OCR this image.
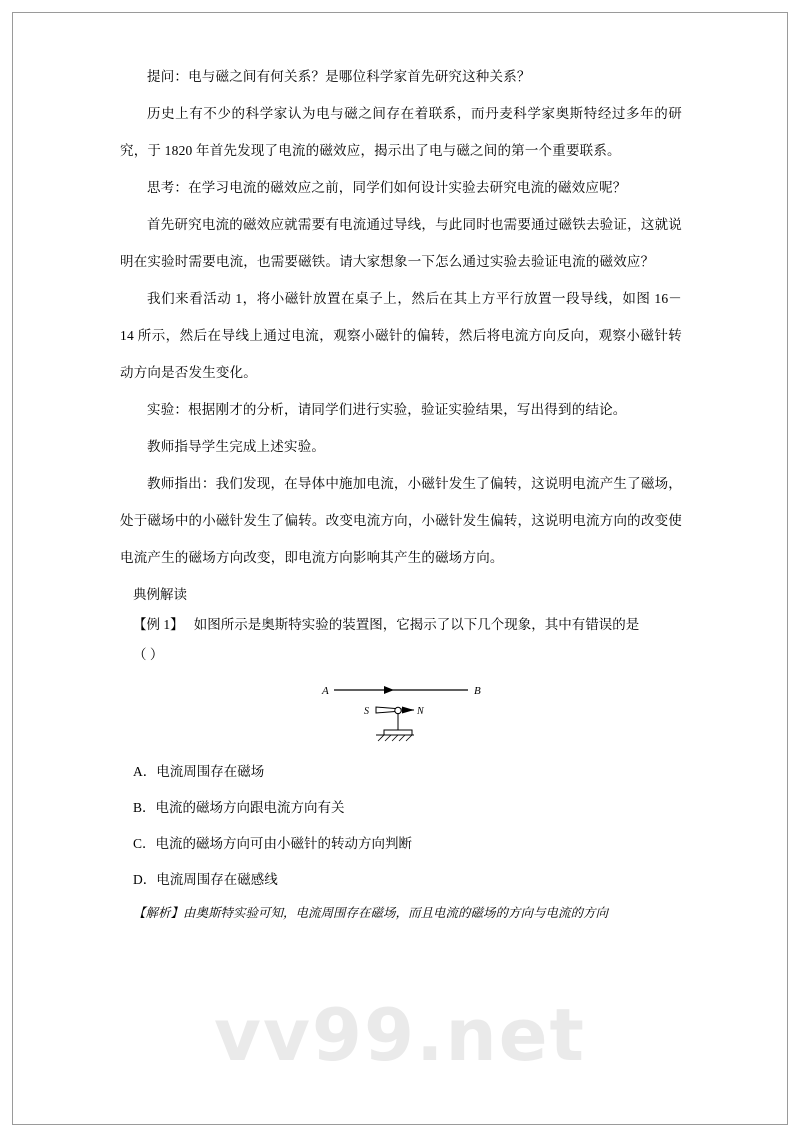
提问：电与磁之间有何关系？是哪位科学家首先研究这种关系？

历史上有不少的科学家认为电与磁之间存在着联系，而丹麦科学家奥斯特经过多年的研究，于 1820 年首先发现了电流的磁效应，揭示出了电与磁之间的第一个重要联系。

思考：在学习电流的磁效应之前，同学们如何设计实验去研究电流的磁效应呢？

首先研究电流的磁效应就需要有电流通过导线，与此同时也需要通过磁铁去验证，这就说明在实验时需要电流，也需要磁铁。请大家想象一下怎么通过实验去验证电流的磁效应？

我们来看活动 1，将小磁针放置在桌子上，然后在其上方平行放置一段导线，如图 16－14 所示，然后在导线上通过电流，观察小磁针的偏转，然后将电流方向反向，观察小磁针转动方向是否发生变化。

实验：根据刚才的分析，请同学们进行实验，验证实验结果，写出得到的结论。

教师指导学生完成上述实验。

教师指出：我们发现，在导体中施加电流，小磁针发生了偏转，这说明电流产生了磁场，处于磁场中的小磁针发生了偏转。改变电流方向，小磁针发生偏转，这说明电流方向的改变使电流产生的磁场方向改变，即电流方向影响其产生的磁场方向。

典例解读

【例 1】 如图所示是奥斯特实验的装置图，它揭示了以下几个现象，其中有错误的是

（ ）

A	B
S	N

A．电流周围存在磁场

B．电流的磁场方向跟电流方向有关

C．电流的磁场方向可由小磁针的转动方向判断

D．电流周围存在磁感线

【解析】由奥斯特实验可知，电流周围存在磁场，而且电流的磁场的方向与电流的方向

vv99.net
